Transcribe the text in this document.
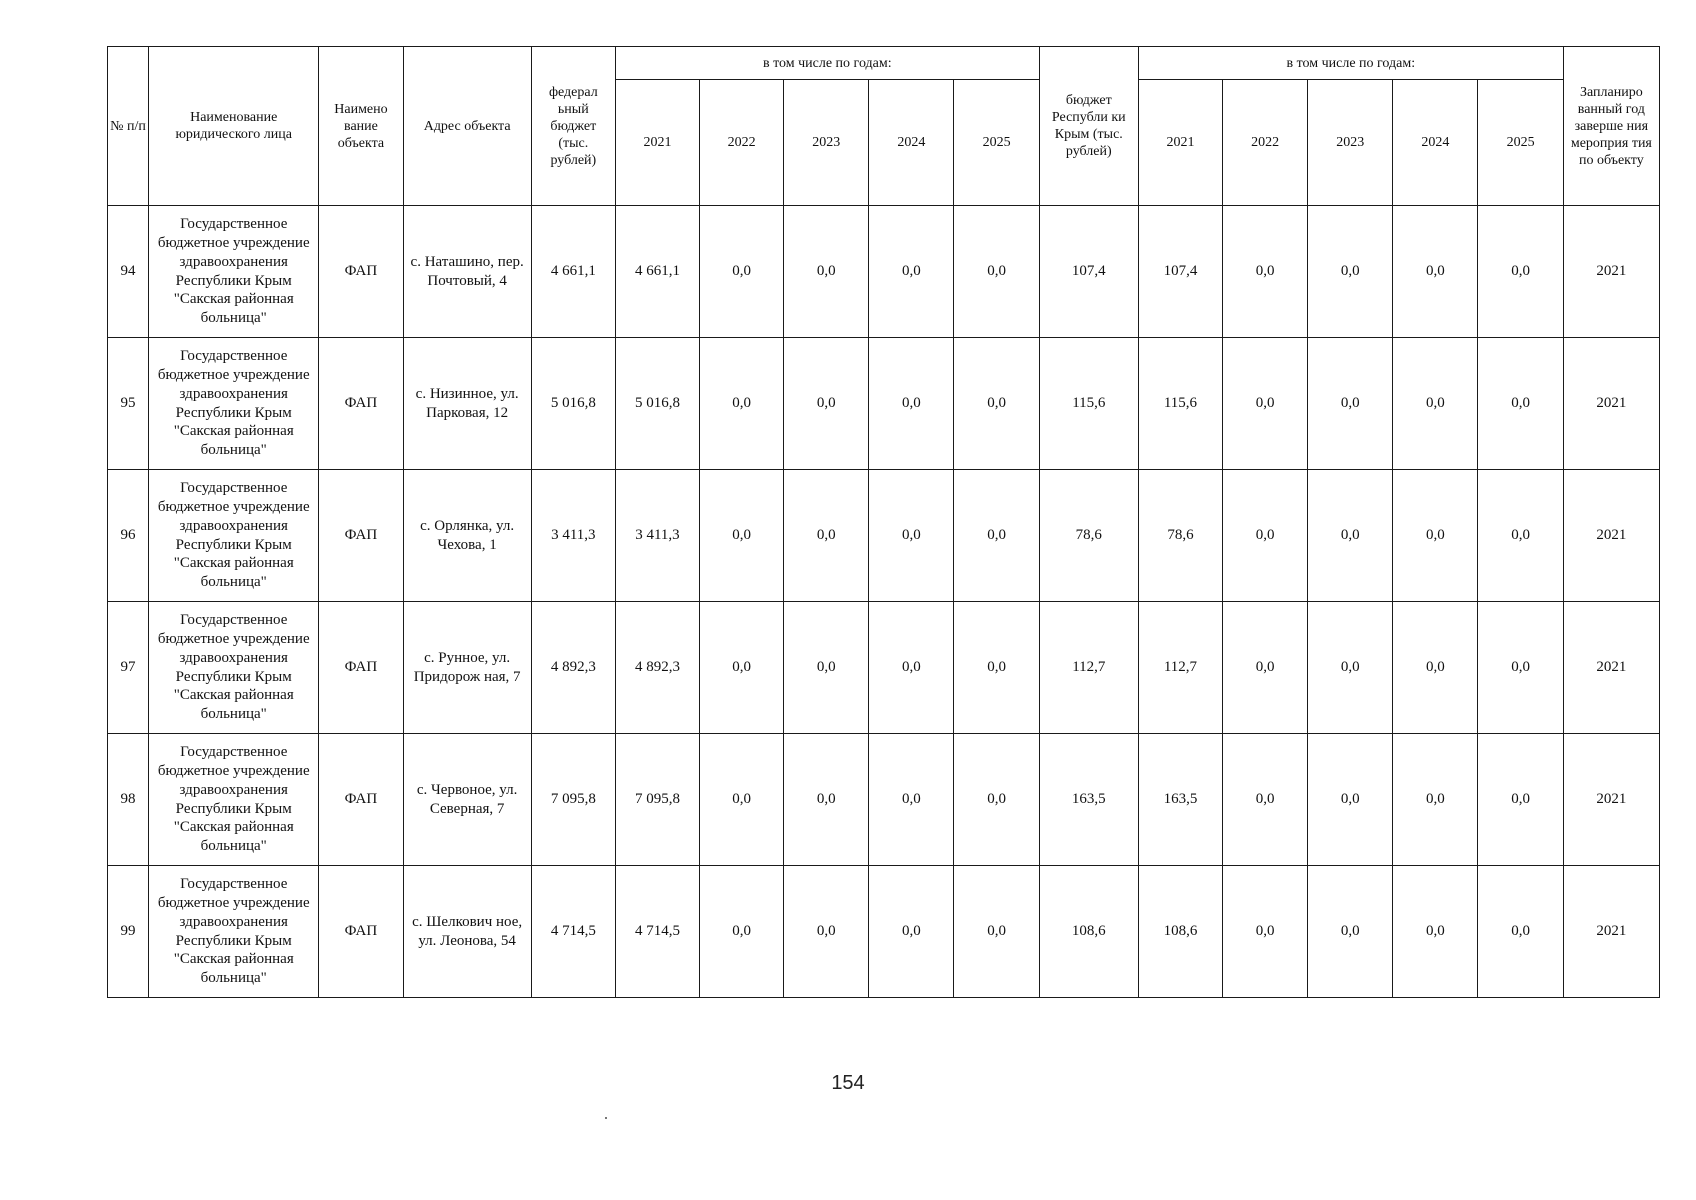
№ п/п	Наименование юридического лица	Наимено вание объекта	Адрес объекта	федерал ьный бюджет (тыс. рублей)	в том числе по годам:					бюджет Республи ки Крым (тыс. рублей)	в том числе по годам:					Запланиро ванный год заверше ния мероприя тия по объекту
					2021	2022	2023	2024	2025		2021	2022	2023	2024	2025	
94	Государственное бюджетное учреждение здравоохранения Республики Крым "Сакская районная больница"	ФАП	с. Наташино, пер. Почтовый, 4	4 661,1	4 661,1	0,0	0,0	0,0	0,0	107,4	107,4	0,0	0,0	0,0	0,0	2021
95	Государственное бюджетное учреждение здравоохранения Республики Крым "Сакская районная больница"	ФАП	с. Низинное, ул. Парковая, 12	5 016,8	5 016,8	0,0	0,0	0,0	0,0	115,6	115,6	0,0	0,0	0,0	0,0	2021
96	Государственное бюджетное учреждение здравоохранения Республики Крым "Сакская районная больница"	ФАП	с. Орлянка, ул. Чехова, 1	3 411,3	3 411,3	0,0	0,0	0,0	0,0	78,6	78,6	0,0	0,0	0,0	0,0	2021
97	Государственное бюджетное учреждение здравоохранения Республики Крым "Сакская районная больница"	ФАП	с. Рунное, ул. Придорож ная, 7	4 892,3	4 892,3	0,0	0,0	0,0	0,0	112,7	112,7	0,0	0,0	0,0	0,0	2021
98	Государственное бюджетное учреждение здравоохранения Республики Крым "Сакская районная больница"	ФАП	с. Червоное, ул. Северная, 7	7 095,8	7 095,8	0,0	0,0	0,0	0,0	163,5	163,5	0,0	0,0	0,0	0,0	2021
99	Государственное бюджетное учреждение здравоохранения Республики Крым "Сакская районная больница"	ФАП	с. Шелкович ное, ул. Леонова, 54	4 714,5	4 714,5	0,0	0,0	0,0	0,0	108,6	108,6	0,0	0,0	0,0	0,0	2021
154
